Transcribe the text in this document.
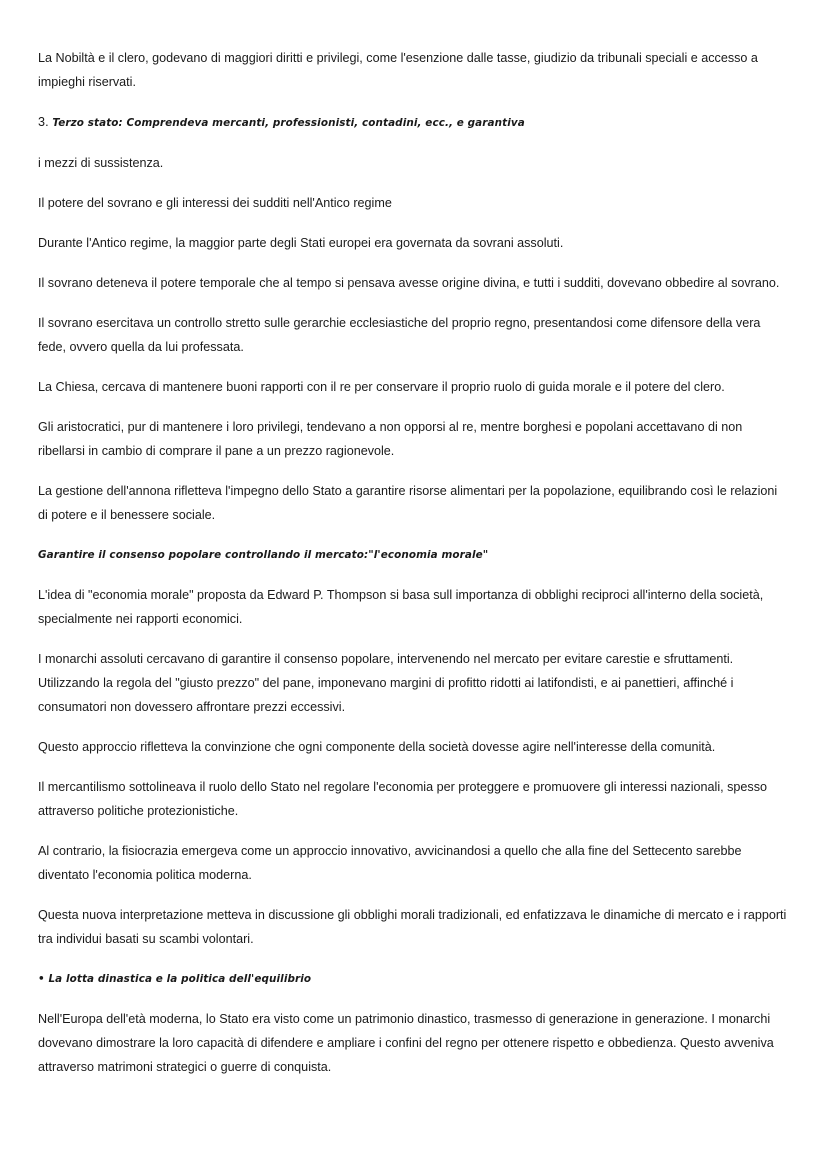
La Nobiltà e il clero, godevano di maggiori diritti e privilegi, come l'esenzione dalle tasse, giudizio da tribunali speciali e accesso a impieghi riservati.

3. Terzo stato: Comprendeva mercanti, professionisti, contadini, ecc., e garantiva

i mezzi di sussistenza.

Il potere del sovrano e gli interessi dei sudditi nell'Antico regime

Durante l'Antico regime, la maggior parte degli Stati europei era governata da sovrani assoluti.

Il sovrano deteneva il potere temporale che al tempo si pensava avesse origine divina, e tutti i sudditi, dovevano obbedire al sovrano.

Il sovrano esercitava un controllo stretto sulle gerarchie ecclesiastiche del proprio regno, presentandosi come difensore della vera fede, ovvero quella da lui professata.

La Chiesa, cercava di mantenere buoni rapporti con il re per conservare il proprio ruolo di guida morale e il potere del clero.

Gli aristocratici, pur di mantenere i loro privilegi, tendevano a non opporsi al re, mentre borghesi e popolani accettavano di non ribellarsi in cambio di comprare il pane a un prezzo ragionevole.

La gestione dell'annona rifletteva l'impegno dello Stato a garantire risorse alimentari per la popolazione, equilibrando così le relazioni di potere e il benessere sociale.

Garantire il consenso popolare controllando il mercato:"l'economia morale"

L'idea di "economia morale" proposta da Edward P. Thompson si basa sull importanza di obblighi reciproci all'interno della società, specialmente nei rapporti economici.

I monarchi assoluti cercavano di garantire il consenso popolare, intervenendo nel mercato per evitare carestie e sfruttamenti. Utilizzando la regola del "giusto prezzo" del pane, imponevano margini di profitto ridotti ai latifondisti, e ai panettieri, affinché i consumatori non dovessero affrontare prezzi eccessivi.

Questo approccio rifletteva la convinzione che ogni componente della società dovesse agire nell'interesse della comunità.

Il mercantilismo sottolineava il ruolo dello Stato nel regolare l'economia per proteggere e promuovere gli interessi nazionali, spesso attraverso politiche protezionistiche.

Al contrario, la fisiocrazia emergeva come un approccio innovativo, avvicinandosi a quello che alla fine del Settecento sarebbe diventato l'economia politica moderna.

Questa nuova interpretazione metteva in discussione gli obblighi morali tradizionali, ed enfatizzava le dinamiche di mercato e i rapporti tra individui basati su scambi volontari.

• La lotta dinastica e la politica dell'equilibrio

Nell'Europa dell'età moderna, lo Stato era visto come un patrimonio dinastico, trasmesso di generazione in generazione. I monarchi dovevano dimostrare la loro capacità di difendere e ampliare i confini del regno per ottenere rispetto e obbedienza. Questo avveniva attraverso matrimoni strategici o guerre di conquista.
